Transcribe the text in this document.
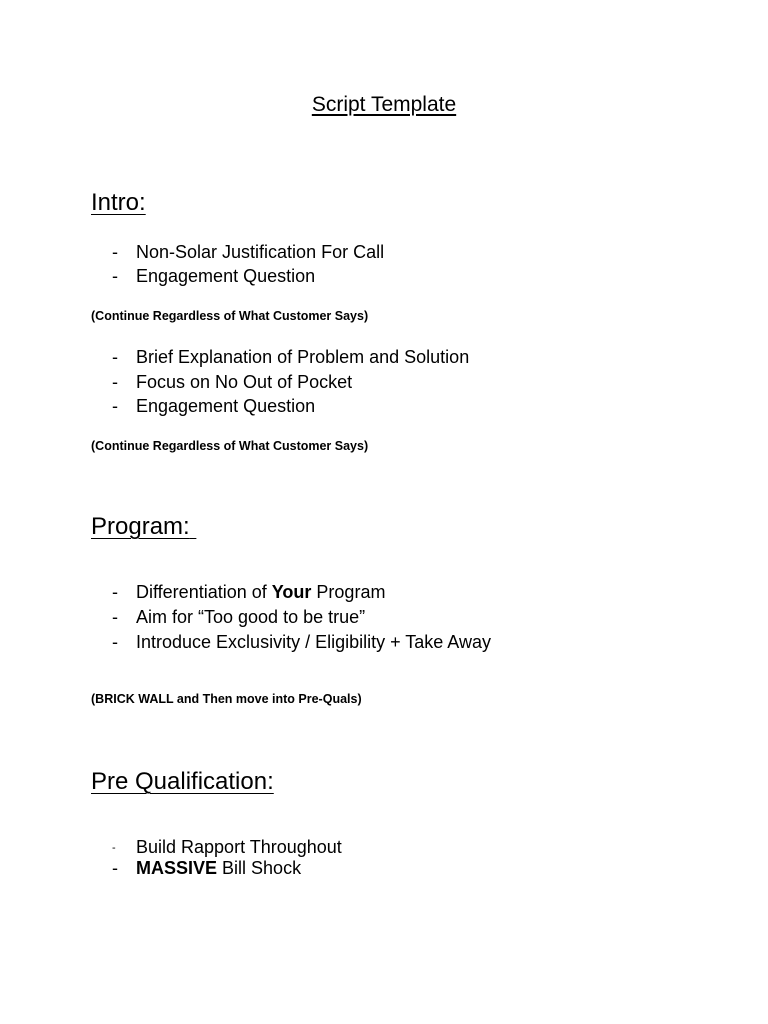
Script Template
Intro:
- Non-Solar Justification For Call
- Engagement Question
(Continue Regardless of What Customer Says)
- Brief Explanation of Problem and Solution
- Focus on No Out of Pocket
- Engagement Question
(Continue Regardless of What Customer Says)
Program:
- Differentiation of Your Program
- Aim for “Too good to be true”
- Introduce Exclusivity / Eligibility + Take Away
(BRICK WALL and Then move into Pre-Quals)
Pre Qualification:
- Build Rapport Throughout
- MASSIVE Bill Shock
